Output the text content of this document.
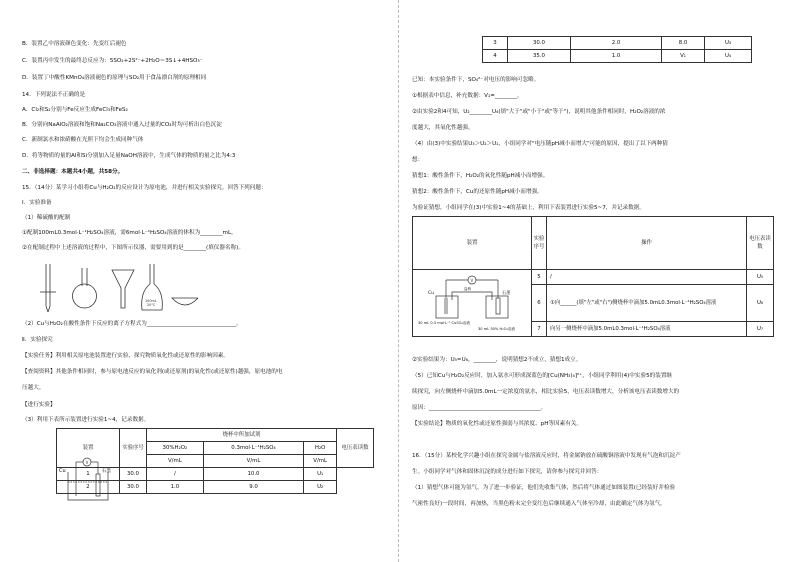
B．装置乙中溶液颜色变化：先变红后褪色
C．装置丙中发生的最终总反应为：5SO₂+2S²⁻+2H₂O＝3S↓+4HSO₃⁻
D．装置丁中酸性KMnO₄溶液褪色的原理与SO₂用于食品漂白剂的原理相同
14．下列说法不正确的是
A．Cl₂和S₂分别与Fe反应生成FeCl₃和FeS₂
B．分别向NaAlO₂溶液和饱和Na₂CO₃溶液中通入过量的CO₂时均可析出白色沉淀
C．新制氯水和浓硝酸在光照下均会生成同种气体
D．将等物质的量的Al和Si分别加入足量NaOH溶液中，生成气体的物质的量之比为4:3
二、非选择题：本题共4小题，共58分。
15．（14分）某学习小组将Cu与H₂O₂的反应设计为原电池，并进行相关实验探究。回答下列问题：
Ⅰ．实验准备
（1）稀硫酸的配制
①配制100mL0.3mol·L⁻¹H₂SO₄溶液，需6mol·L⁻¹H₂SO₄溶液的体积为________mL。
②在配制过程中上述溶液的过程中，下图所示仪器，需要用到的是________(填仪器名称)。
100mL
20℃
（2）Cu与H₂O₂在酸性条件下反应的离子方程式为________________________________。
Ⅱ．实验探究
【实验任务】利用相关原电池装置进行实验，探究物质氧化性或还原性的影响因素。
【查阅资料】其他条件相同时，参与原电池反应的氧化剂(或还原剂)的氧化性(或还原性)越强，原电池的电
压越大。
【进行实验】
（3）利用下表所示装置进行实验1~4，记录数据。
装置	实验序号	烧杯中所加试剂			电压表读数
		30%H₂O₂	0.3mol·L⁻¹H₂SO₄	H₂O	
		V/mL	V/mL	V/mL	
1	30.0	/	10.0	U₁	
2	30.0	1.0	9.0	U₂	
V
Cu	石墨
3	30.0	2.0	8.0	U₃
4	35.0	1.0	V₁	U₄
已知：本实验条件下，SO₄²⁻对电压的影响可忽略。
①根据表中信息，补充数据：V₁=________。
②由实验2和4可知，U₂________U₄(填"大于"或"小于"或"等于")，说明其他条件相同时，H₂O₂溶液的浓
度越大，其氧化性越强。
（4）由(3)中实验结果U₃＞U₂＞U₁，小组同学对"电压随pH减小而增大"可能的原因，提出了以下两种猜
想：
猜想1：酸性条件下，H₂O₂的氧化性随pH减小而增强。
猜想2：酸性条件下，Cu的还原性随pH减小而增强。
为验证猜想，小组同学在(3)中实验1~4的基础上，利用下表装置进行实验5~7，并记录数据。
装置	实验序号	操作	电压表读数
	5	/	U₅
	6	①向______(填"左"或"右")侧烧杯中滴加5.0mL0.3mol·L⁻¹H₂SO₄溶液	U₆
	7	向另一侧烧杯中滴加5.0mL0.3mol·L⁻¹H₂SO₄溶液	U₇
V
Cu	石墨
30 mL 0.3 mol·L⁻¹ CuSO₄溶液
30 mL 30% H₂O₂溶液
盐桥
②实验结果为：U₅≈U₆，________，说明猜想2不成立，猜想1成立。
（5）已知Cu与H₂O₂反应时，加入氨水可形成深蓝色的[Cu(NH₃)₄]²⁺，小组同学利用(4)中实验5的装置继
续探究，向左侧烧杯中滴加5.0mL一定浓度的氨水，相比实验5，电压表读数增大，分析该电压表读数增大的
原因：________________________________________。
【实验结论】物质的氧化性或还原性强弱与其浓度、pH等因素有关。
16．（15分）某校化学兴趣小组在探究金属与盐溶液反应时，将金属钠放在硫酸铜溶液中发现有气泡和沉淀产
生。小组同学对气体和固体沉淀的成分进行如下探究，请你参与探究并回答：
（1）猜想气体可能为氢气。为了进一步验证，他们先收集气体，然后将气体通过如图装置(已经装好并检验
气密性良好)一段时间，再加热，当黑色粉末完全变红色后继续通入气体至冷却，由此确定气体为氢气。
